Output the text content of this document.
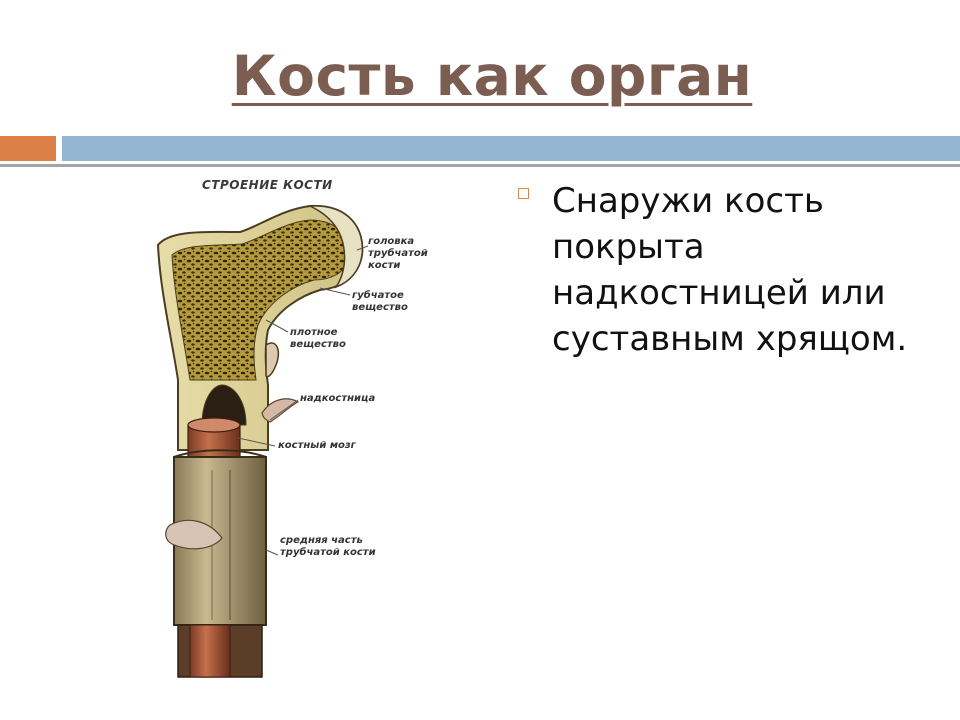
Кость как орган
СТРОЕНИЕ КОСТИ
головка
трубчатой
кости
губчатое
вещество
плотное
вещество
надкостница
костный мозг
средняя часть
трубчатой кости
Снаружи кость покрыта надкостницей или суставным хрящом.
